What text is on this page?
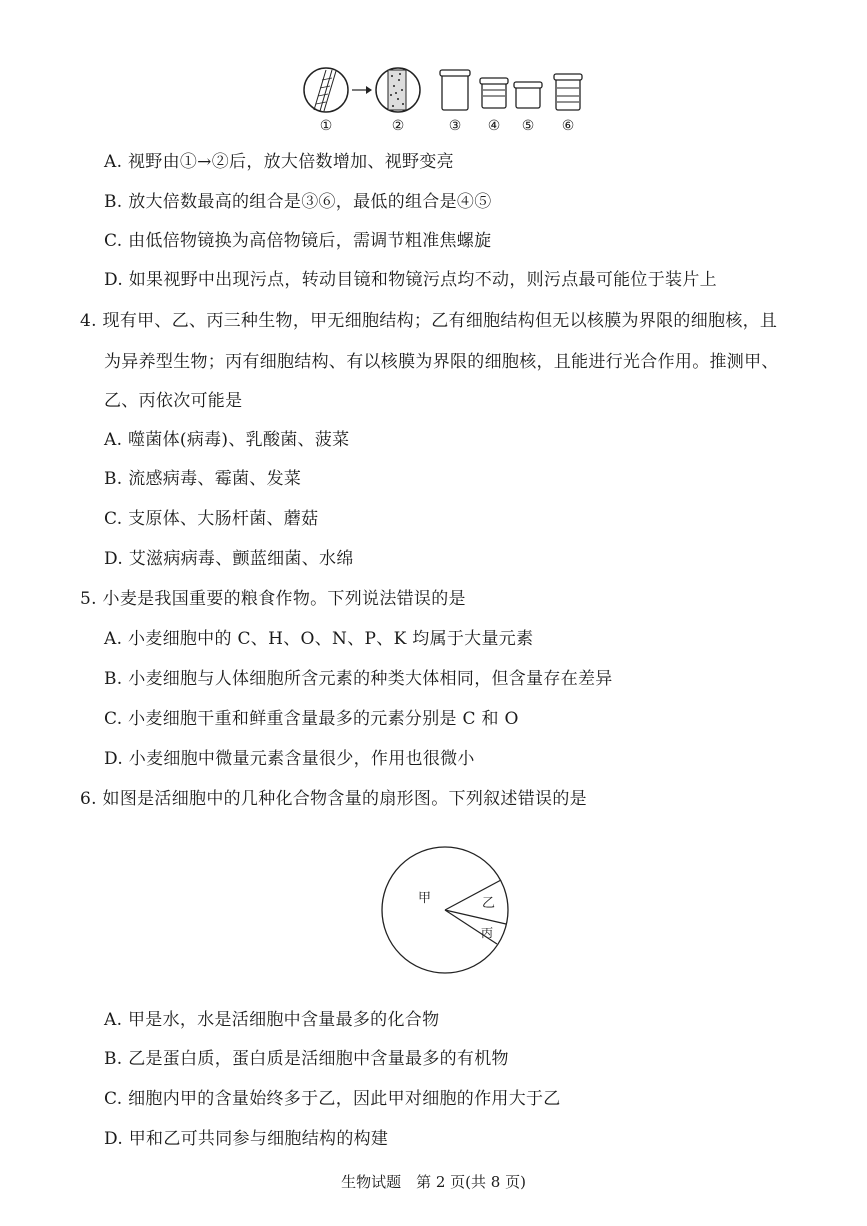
①	②	③	④	⑤	⑥
A. 视野由①→②后，放大倍数增加、视野变亮
B. 放大倍数最高的组合是③⑥，最低的组合是④⑤
C. 由低倍物镜换为高倍物镜后，需调节粗准焦螺旋
D. 如果视野中出现污点，转动目镜和物镜污点均不动，则污点最可能位于装片上
4. 现有甲、乙、丙三种生物，甲无细胞结构；乙有细胞结构但无以核膜为界限的细胞核，且
为异养型生物；丙有细胞结构、有以核膜为界限的细胞核，且能进行光合作用。推测甲、
乙、丙依次可能是
A. 噬菌体(病毒)、乳酸菌、菠菜
B. 流感病毒、霉菌、发菜
C. 支原体、大肠杆菌、蘑菇
D. 艾滋病病毒、颤蓝细菌、水绵
5. 小麦是我国重要的粮食作物。下列说法错误的是
A. 小麦细胞中的 C、H、O、N、P、K 均属于大量元素
B. 小麦细胞与人体细胞所含元素的种类大体相同，但含量存在差异
C. 小麦细胞干重和鲜重含量最多的元素分别是 C 和 O
D. 小麦细胞中微量元素含量很少，作用也很微小
6. 如图是活细胞中的几种化合物含量的扇形图。下列叙述错误的是
甲	乙
丙
A. 甲是水，水是活细胞中含量最多的化合物
B. 乙是蛋白质，蛋白质是活细胞中含量最多的有机物
C. 细胞内甲的含量始终多于乙，因此甲对细胞的作用大于乙
D. 甲和乙可共同参与细胞结构的构建
生物试题　第 2 页(共 8 页)
